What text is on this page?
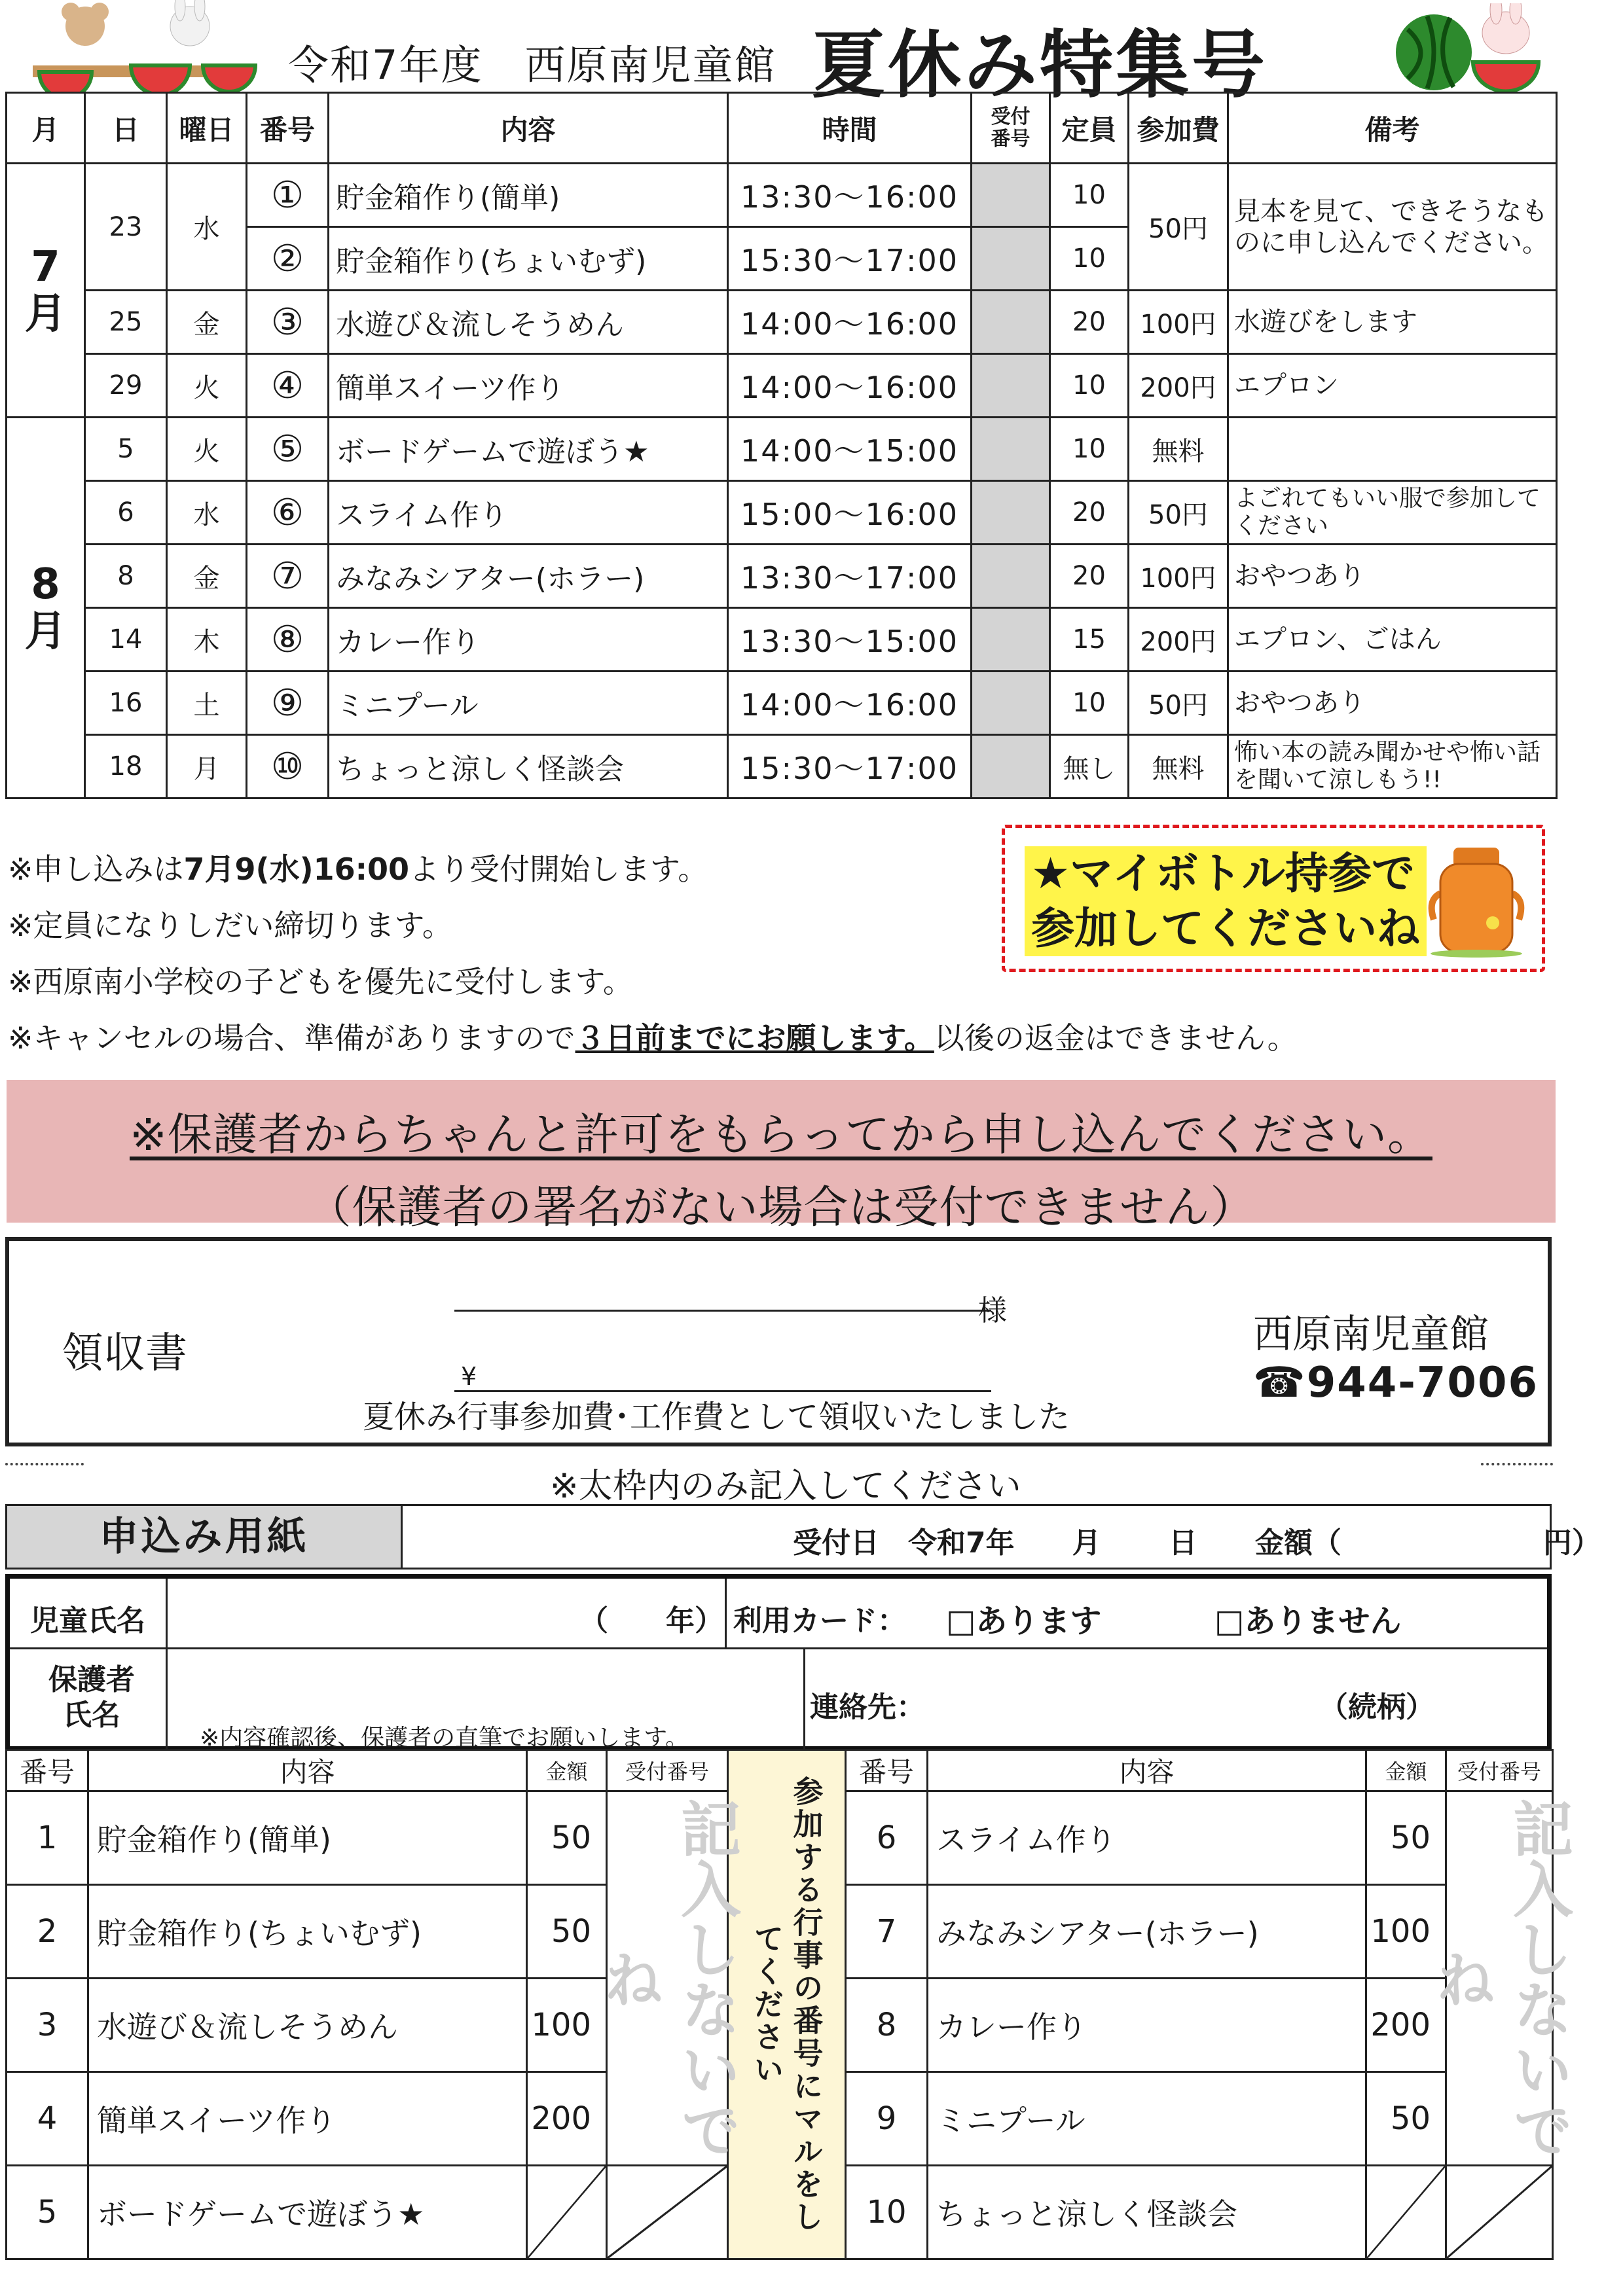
令和7年度　西原南児童館 夏休み特集号
月	日	曜日	番号	内容	時間	受付番号	定員	参加費	備考
7月	23	水	①	貯金箱作り(簡単)	13:30～16:00		10	50円	見本を見て、できそうなものに申し込んでください。
			②	貯金箱作り(ちょいむず)	15:30～17:00		10		
	25	金	③	水遊び＆流しそうめん	14:00～16:00		20	100円	水遊びをします
	29	火	④	簡単スイーツ作り	14:00～16:00		10	200円	エプロン
8月	5	火	⑤	ボードゲームで遊ぼう★	14:00～15:00		10	無料	
	6	水	⑥	スライム作り	15:00～16:00		20	50円	よごれてもいい服で参加してください
	8	金	⑦	みなみシアター(ホラー)	13:30～17:00		20	100円	おやつあり
	14	木	⑧	カレー作り	13:30～15:00		15	200円	エプロン、ごはん
	16	土	⑨	ミニプール	14:00～16:00		10	50円	おやつあり
	18	月	⑩	ちょっと涼しく怪談会	15:30～17:00		無し	無料	怖い本の読み聞かせや怖い話を聞いて涼しもう!!
※申し込みは7月9(水)16:00より受付開始します。
※定員になりしだい締切ります。
※西原南小学校の子どもを優先に受付します。
※キャンセルの場合、準備がありますので３日前までにお願します。以後の返金はできません。
★マイボトル持参で
参加してくださいね
※保護者からちゃんと許可をもらってから申し込んでください。
（保護者の署名がない場合は受付できません）
領収書
様
¥
夏休み行事参加費･工作費として領収いたしました
西原南児童館
☎944-7006
※太枠内のみ記入してください
申込み用紙	受付日　令和7年　　月　　 日　　金額（　　　　　　　円）
児童氏名	（　　年） 利用カード： □あります	□ありません
保護者氏名
※内容確認後、保護者の直筆でお願いします。
連絡先：	（続柄）
番号	内容	金額	受付番号	参加する行事の番号にマルをしてください	番号	内容	金額	受付番号
1	貯金箱作り(簡単)	50	記入しないでね		6	スライム作り	50	記入しないでね
2	貯金箱作り(ちょいむず)	50			7	みなみシアター(ホラー)	100	
3	水遊び＆流しそうめん	100			8	カレー作り	200	
4	簡単スイーツ作り	200			9	ミニプール	50	
5	ボードゲームで遊ぼう★				10	ちょっと涼しく怪談会	
